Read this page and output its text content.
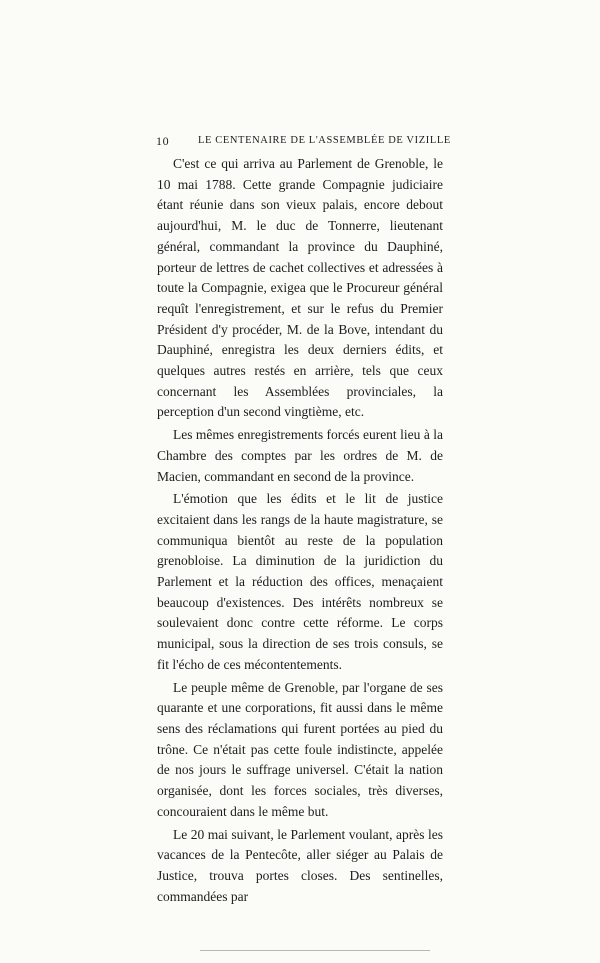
10	LE CENTENAIRE DE L'ASSEMBLÉE DE VIZILLE

C'est ce qui arriva au Parlement de Grenoble, le 10 mai 1788. Cette grande Compagnie judiciaire étant réunie dans son vieux palais, encore debout aujourd'hui, M. le duc de Tonnerre, lieutenant général, commandant la province du Dauphiné, porteur de lettres de cachet collectives et adressées à toute la Compagnie, exigea que le Procureur général requît l'enregistrement, et sur le refus du Premier Président d'y procéder, M. de la Bove, intendant du Dauphiné, enregistra les deux derniers édits, et quelques autres restés en arrière, tels que ceux concernant les Assemblées provinciales, la perception d'un second vingtième, etc.

Les mêmes enregistrements forcés eurent lieu à la Chambre des comptes par les ordres de M. de Macien, commandant en second de la province.

L'émotion que les édits et le lit de justice excitaient dans les rangs de la haute magistrature, se communiqua bientôt au reste de la population grenobloise. La diminution de la juridiction du Parlement et la réduction des offices, menaçaient beaucoup d'existences. Des intérêts nombreux se soulevaient donc contre cette réforme. Le corps municipal, sous la direction de ses trois consuls, se fit l'écho de ces mécontentements.

Le peuple même de Grenoble, par l'organe de ses quarante et une corporations, fit aussi dans le même sens des réclamations qui furent portées au pied du trône. Ce n'était pas cette foule indistincte, appelée de nos jours le suffrage universel. C'était la nation organisée, dont les forces sociales, très diverses, concouraient dans le même but.

Le 20 mai suivant, le Parlement voulant, après les vacances de la Pentecôte, aller siéger au Palais de Justice, trouva portes closes. Des sentinelles, commandées par
